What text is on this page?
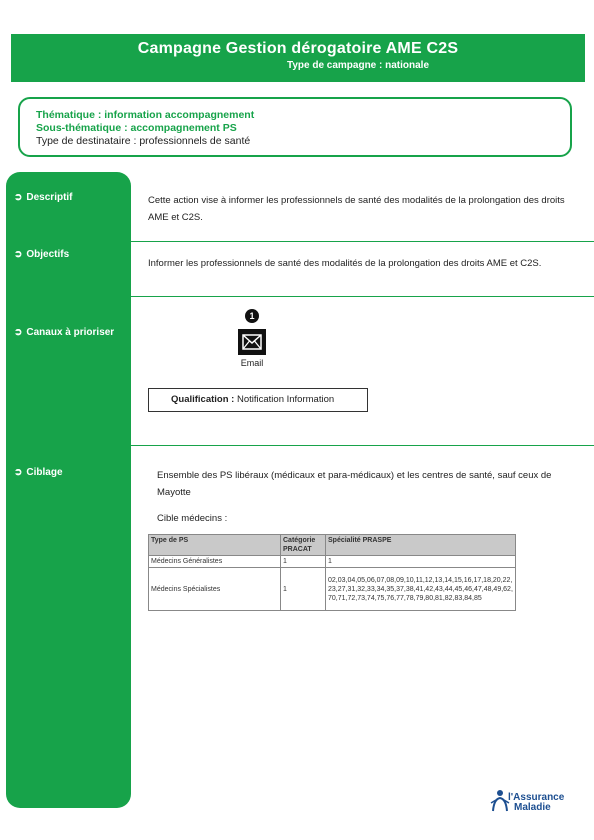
Campagne Gestion dérogatoire AME C2S
Type de campagne : nationale
Thématique : information accompagnement
Sous-thématique : accompagnement PS
Type de destinataire : professionnels de santé
➲ Descriptif
➲ Objectifs
➲ Canaux à prioriser
➲ Ciblage
Cette action vise à informer les professionnels de santé des modalités de la prolongation des droits AME et C2S.
Informer les professionnels de santé des modalités de la prolongation des droits AME et C2S.
1
Email
Qualification : Notification Information
Ensemble des PS libéraux (médicaux et para-médicaux) et les centres de santé, sauf ceux de Mayotte
Cible médecins :
Type de PS	Catégorie PRACAT	Spécialité PRASPE
Médecins Généralistes	1	1
Médecins Spécialistes	1	02,03,04,05,06,07,08,09,10,11,12,13,14,15,16,17,18,20,22,23,27,31,32,33,34,35,37,38,41,42,43,44,45,46,47,48,49,62,70,71,72,73,74,75,76,77,78,79,80,81,82,83,84,85
l'Assurance
Maladie
